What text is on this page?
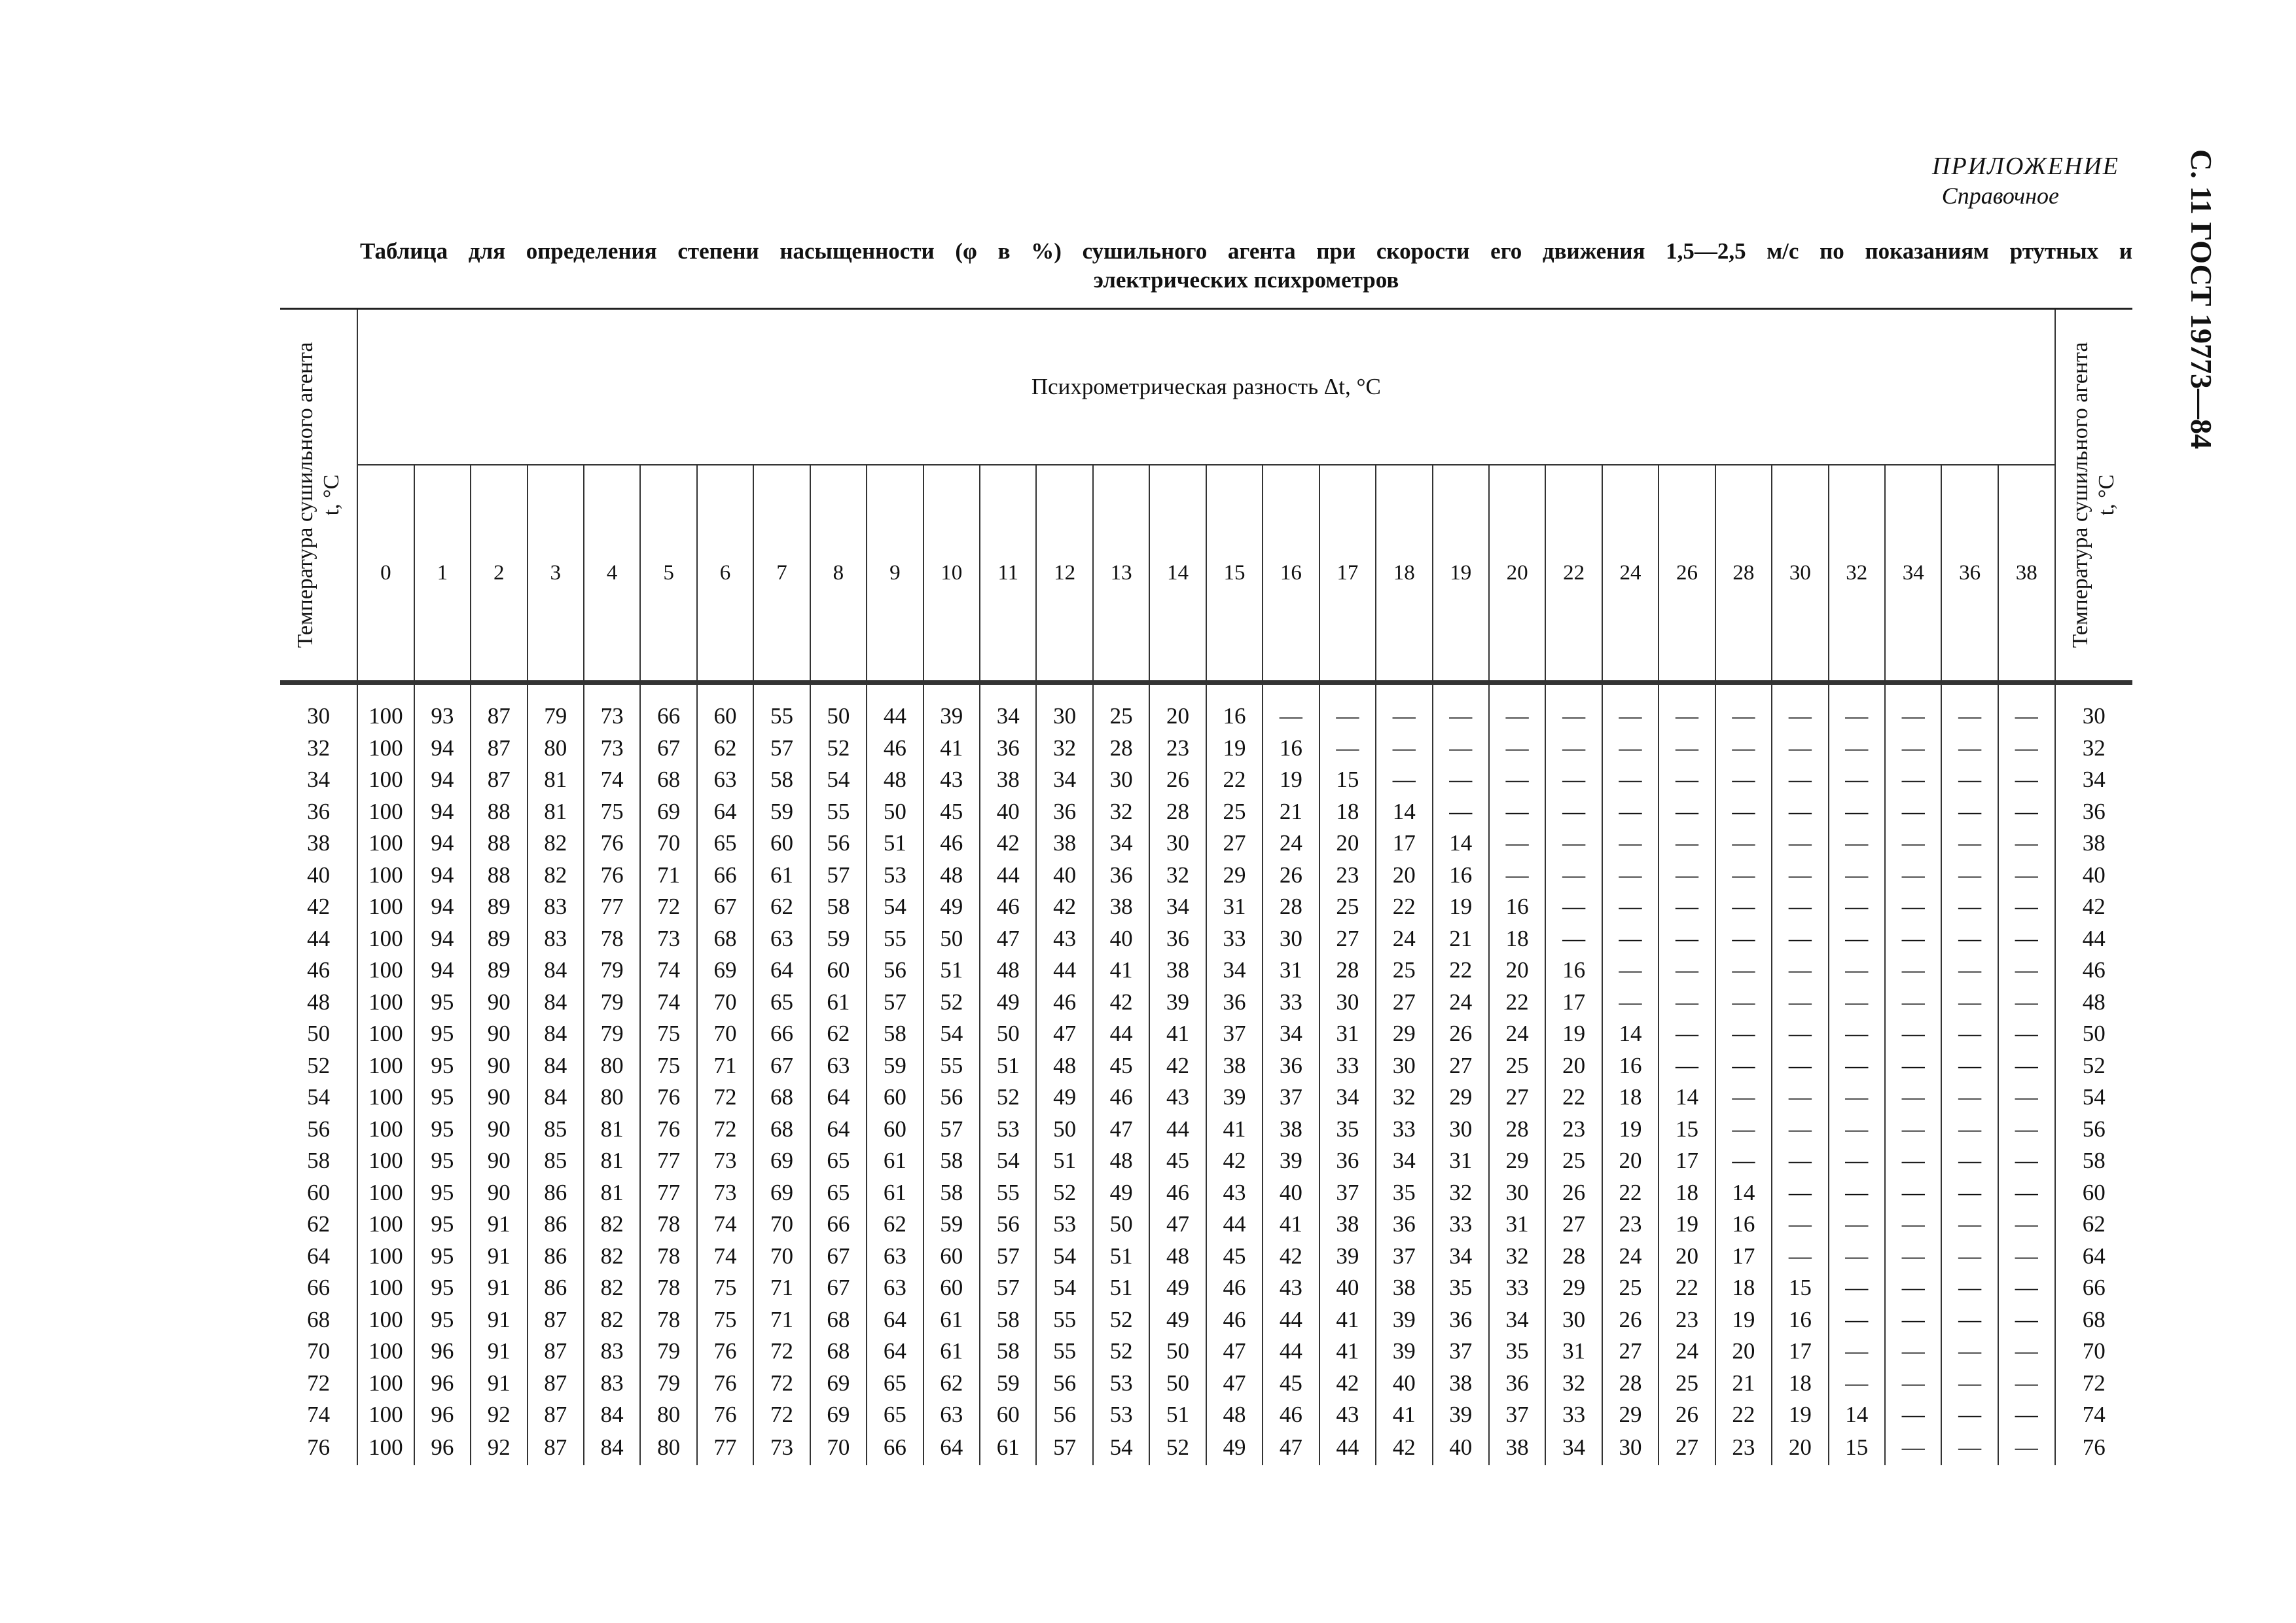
ПРИЛОЖЕНИЕ

Справочное	С. 11 ГОСТ 19773—84

Таблица для определения степени насыщенности (φ в %) сушильного агента при скорости его движения 1,5—2,5 м/с по показаниям ртутных и

электрических психрометров

Температура сушильного агента t, °С	Психрометрическая разность Δt, °С																														Температура сушильного агента t, °С

	0	1	2	3	4	5	6	7	8	9	10	11	12	13	14	15	16	17	18	19	20	22	24	26	28	30	32	34	36	38	
30	100	93	87	79	73	66	60	55	50	44	39	34	30	25	20	16	—	—	—	—	—	—	—	—	—	—	—	—	—	—	30
32	100	94	87	80	73	67	62	57	52	46	41	36	32	28	23	19	16	—	—	—	—	—	—	—	—	—	—	—	—	—	32
34	100	94	87	81	74	68	63	58	54	48	43	38	34	30	26	22	19	15	—	—	—	—	—	—	—	—	—	—	—	—	34
36	100	94	88	81	75	69	64	59	55	50	45	40	36	32	28	25	21	18	14	—	—	—	—	—	—	—	—	—	—	—	36
38	100	94	88	82	76	70	65	60	56	51	46	42	38	34	30	27	24	20	17	14	—	—	—	—	—	—	—	—	—	—	38
40	100	94	88	82	76	71	66	61	57	53	48	44	40	36	32	29	26	23	20	16	—	—	—	—	—	—	—	—	—	—	40
42	100	94	89	83	77	72	67	62	58	54	49	46	42	38	34	31	28	25	22	19	16	—	—	—	—	—	—	—	—	—	42
44	100	94	89	83	78	73	68	63	59	55	50	47	43	40	36	33	30	27	24	21	18	—	—	—	—	—	—	—	—	—	44
46	100	94	89	84	79	74	69	64	60	56	51	48	44	41	38	34	31	28	25	22	20	16	—	—	—	—	—	—	—	—	46
48	100	95	90	84	79	74	70	65	61	57	52	49	46	42	39	36	33	30	27	24	22	17	—	—	—	—	—	—	—	—	48
50	100	95	90	84	79	75	70	66	62	58	54	50	47	44	41	37	34	31	29	26	24	19	14	—	—	—	—	—	—	—	50
52	100	95	90	84	80	75	71	67	63	59	55	51	48	45	42	38	36	33	30	27	25	20	16	—	—	—	—	—	—	—	52
54	100	95	90	84	80	76	72	68	64	60	56	52	49	46	43	39	37	34	32	29	27	22	18	14	—	—	—	—	—	—	54
56	100	95	90	85	81	76	72	68	64	60	57	53	50	47	44	41	38	35	33	30	28	23	19	15	—	—	—	—	—	—	56
58	100	95	90	85	81	77	73	69	65	61	58	54	51	48	45	42	39	36	34	31	29	25	20	17	—	—	—	—	—	—	58
60	100	95	90	86	81	77	73	69	65	61	58	55	52	49	46	43	40	37	35	32	30	26	22	18	14	—	—	—	—	—	60
62	100	95	91	86	82	78	74	70	66	62	59	56	53	50	47	44	41	38	36	33	31	27	23	19	16	—	—	—	—	—	62
64	100	95	91	86	82	78	74	70	67	63	60	57	54	51	48	45	42	39	37	34	32	28	24	20	17	—	—	—	—	—	64
66	100	95	91	86	82	78	75	71	67	63	60	57	54	51	49	46	43	40	38	35	33	29	25	22	18	15	—	—	—	—	66
68	100	95	91	87	82	78	75	71	68	64	61	58	55	52	49	46	44	41	39	36	34	30	26	23	19	16	—	—	—	—	68
70	100	96	91	87	83	79	76	72	68	64	61	58	55	52	50	47	44	41	39	37	35	31	27	24	20	17	—	—	—	—	70
72	100	96	91	87	83	79	76	72	69	65	62	59	56	53	50	47	45	42	40	38	36	32	28	25	21	18	—	—	—	—	72
74	100	96	92	87	84	80	76	72	69	65	63	60	56	53	51	48	46	43	41	39	37	33	29	26	22	19	14	—	—	—	74
76	100	96	92	87	84	80	77	73	70	66	64	61	57	54	52	49	47	44	42	40	38	34	30	27	23	20	15	—	—	—	76
